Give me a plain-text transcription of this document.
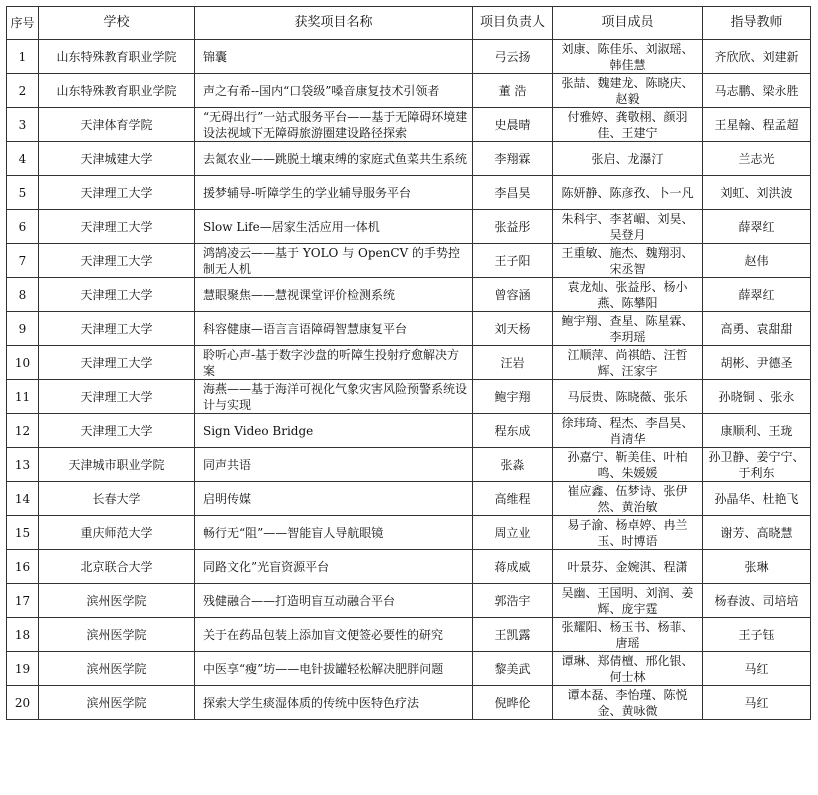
序号	学校	获奖项目名称	项目负责人	项目成员	指导教师
1	山东特殊教育职业学院	锦囊	弓云扬	刘康、陈佳乐、刘淑瑶、韩佳慧	齐欣欣、刘建新
2	山东特殊教育职业学院	声之有希--国内“口袋级”嗓音康复技术引领者	董 浩	张喆、魏建龙、陈晓庆、赵毅	马志鹏、梁永胜
3	天津体育学院	“无碍出行”一站式服务平台——基于无障碍环境建设法视域下无障碍旅游圈建设路径探索	史晨晴	付雅婷、龚敬栩、颜羽佳、王建宁	王星翰、程孟超
4	天津城建大学	去氮农业——跳脱土壤束缚的家庭式鱼菜共生系统	李翔霖	张启、龙瀑汀	兰志光
5	天津理工大学	援梦辅导-听障学生的学业辅导服务平台	李昌昊	陈妍静、陈彦孜、卜一凡	刘虹、刘洪波
6	天津理工大学	Slow Life—居家生活应用一体机	张益彤	朱科宇、李茗嵋、刘昊、吴登月	薛翠红
7	天津理工大学	鸿鹄凌云——基于 YOLO 与 OpenCV 的手势控制无人机	王子阳	王重敏、施杰、魏翔羽、宋丞智	赵伟
8	天津理工大学	慧眼聚焦——慧视课堂评价检测系统	曾容涵	袁龙灿、张益彤、杨小燕、陈攀阳	薛翠红
9	天津理工大学	科容健康—语言言语障碍智慧康复平台	刘天杨	鲍宇翔、查星、陈星霖、李玥瑶	高勇、袁甜甜
10	天津理工大学	聆听心声-基于数字沙盘的听障生投射疗愈解决方案	汪岩	江顺萍、尚祺皓、汪哲辉、汪家宇	胡彬、尹德圣
11	天津理工大学	海燕——基于海洋可视化气象灾害风险预警系统设计与实现	鲍宇翔	马辰贵、陈晓薇、张乐	孙晓铜 、张永
12	天津理工大学	Sign Video Bridge	程东成	徐玮琦、程杰、李昌昊、肖清华	康顺利、王珑
13	天津城市职业学院	同声共语	张淼	孙嘉宁、靳美佳、叶柏鸣、朱媛媛	孙卫静、姜宁宁、于利东
14	长春大学	启明传媒	高维程	崔应鑫、伍梦诗、张伊然、黄治敏	孙晶华、杜艳飞
15	重庆师范大学	畅行无“阻”——智能盲人导航眼镜	周立业	易子渝、杨卓婷、冉兰玉、时博语	谢芳、高晓慧
16	北京联合大学	同路文化”光盲资源平台	蒋成威	叶景芬、金婉淇、程潇	张琳
17	滨州医学院	残健融合——打造明盲互动融合平台	郭浩宇	吴幽、王国明、刘润、姜辉、庞宇霆	杨春波、司培培
18	滨州医学院	关于在药品包装上添加盲文便签必要性的研究	王凯露	张耀阳、杨玉书、杨菲、唐瑶	王子钰
19	滨州医学院	中医享“瘦”坊——电针拔罐轻松解决肥胖问题	黎美武	谭琳、郑倩檀、邢化银、何士林	马红
20	滨州医学院	探索大学生痰湿体质的传统中医特色疗法	倪晔伦	谭本磊、李怡瑾、陈悦金、黄咏微	马红
